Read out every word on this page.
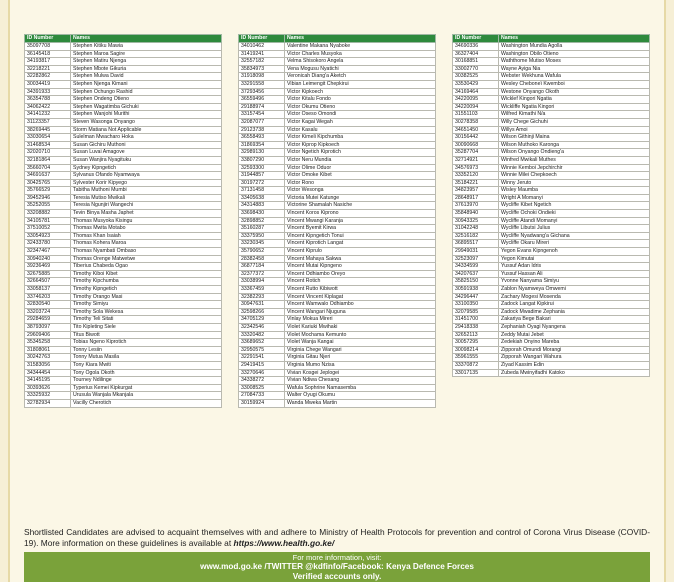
ID Number	Names
35097708	Stephen Kitiku Mawia
36145418	Stephen Maroa Sagire
34193817	Stephen Matiru Njenga
32218221	Stephen Mbote Gikuria
32282862	Stephen Mulwa David
30034419	Stephen Njenga Kimani
34391933	Stephen Ochungo Rashid
36354788	Stephen Ondeng Otieno
34062422	Stephen Wagatimba Gichuki
34141232	Stephen Wanjohi Murithi
31123357	Steven Wasonga Onyango
38269445	Storm Matiana Not Applicable
33030654	Sulelman Mwacharo Hoka
31468534	Susan Gichiru Muthoni
32020710	Susan Luvai Amagove
32181864	Susan Wanjira Nyagituku
35660704	Sydney Kipngetich
34691637	Sylvanus Ofando Nyamwaya
30425765	Sylvester Korir Kipyego
35766529	Tabitha Muthoni Mumbi
39452946	Teresia Mutiso Mwikali
35252055	Teresia Ngunjiri Wangechi
33208882	Tevin Binya Masha Japhet
34105781	Thomas Musyoka Kisingu
37510052	Thomas Mwita Motabo
33054923	Thomas Khan Isaiah
32433780	Thomas Kohera Maroa
32347467	Thomas Nyambati Ombaso
30940240	Thomas Orenge Matwetwe
39236469	Tiberius Chabeda Ogao
32675885	Timothy Kiboi Kibet
32664507	Timothy Kipchumba
33058137	Timothy Kipngetich
33746203	Timothy Orango Masi
32830540	Timothy Simiyu
33203724	Timothy Sola Wekesa
29284659	Timothy Teli Sitati
38793097	Tito Kipleting Siele
29609406	Titus Biwott
35345258	Tobias Ngeno Kiprotich
31808061	Tonny Lesiin
30242763	Tonny Mutua Masila
31583056	Tony Kiara Mwiti
34344454	Tony Ogola Okoth
34145195	Tourney Ndilinge
30393626	Typerius Kemei Kipkurgat
33325932	Urusula Wanjala Mkanjala
32782934	Vacilly Cherotich
ID Number	Names
34010462	Valentine Makana Nyaboke
31419241	Victor Charles Musyoka
32557182	Velma Shisokoro Angela
35834973	Vena Mogusu Nyatichi
31918098	Veronicah Diang'a Aketch
33291558	Vibian Leimengit Chepkirui
37293456	Victor Kipkoech
36559496	Victor Kitalu Fondo
29188974	Victor Okumu Otieno
33157454	Victor Oseso Omondi
32087077	Victor Kagai Wegah
29123738	Victor Kasalu
36558493	Victor Kimeli Kipchumba
31869354	Victor Kiprop Kipkoech
32989130	Victor Ngetich Kiprotich
33807290	Victor Neru Mundia
32593300	Victor Olime Oduor
31944857	Victor Omoke Kibet
30197272	Victor Rono
37131458	Victor Wesonga
33405638	Victoria Mutei Katunge
34314883	Victorine Shamalah Nasiche
33698430	Vincent Koros Kiprono
32898852	Vincent Mwangi Karanja
35160287	Vincent Byemit Kirwa
33375950	Vincent Kipngetich Tonui
33230345	Vincent Kiprotich Langat
35790652	Vincent Kiprulo
28382458	Vincent Mahaya Sakwa
36877184	Vincent Mutai Kipngeno
32377372	Vincent Odhiambo Oreyo
33038994	Vincent Rotich
33367459	Vincent Rutto Kibiwott
32382293	Vincent Vincent Kiplagat
30947631	Vincent Wamwalo Odhiambo
32598266	Vincent Wangari Njuguna
34705129	Vinlay Mokua Mireri
32342546	Violet Kariuki Mwihaki
33320482	Violet Mochama Kemunto
33689652	Violet Wanja Kangai
32950575	Virginia Chege Wangari
32291541	Virginia Gitau Njeri
29419415	Virginia Mumo Nzisa
33270646	Vivian Kosgei Jeplogei
34338272	Vivian Ndiwa Chesang
33008525	Wafula Sophrine Namasemba
27084733	Walter Oyugi Okumu
30159924	Wanda Mweka Martin
ID Number	Names
34690336	Washington Mundia Agolla
36327404	Washington Obilo Otieno
30168851	Waththome Mutiso Moses
33002770	Wayne Ayiga Nia
30382525	Webster Wekhuna Wafula
33530429	Wesley Cheboneï Kwemboi
34169464	Westone Onyango Okoth
34220095	Wicklef Kingori Ngatia
34220094	Wickliffe Ngatia Kingori
31551103	Wilfred Kimathi N/a
30278358	Willy Chege Gichuhi
34651450	Willys Amoi
30156442	Wilson Githinji Maina
30090668	Wilson Muthoko Karonga
35287704	Wilson Onyango Ondieng'a
32714921	Winfred Mwikali Muthes
34576973	Winnie Kemboi Jepchirchir
33352120	Winnie Milei Chepkoech
35184221	Winny Jeruto
34823957	Wisley Maumba
28648917	Wright A Momanyi
37613970	Wycliffe Kibet Ngetich
35848940	Wycliffe Ochoki Ondieki
30943325	Wycliffe Atandi Momanyi
31042248	Wycliffe Libutsi Julius
32516182	Wycliffe Nyadwang'a Gichana
36895517	Wycliffe Okaru Mireri
29949031	Yegon Evans Kipngenoh
32523097	Yegon Kimutai
34334599	Yussuf Adan Idris
34207637	Yussuf Hassan Ali
35825150	Yvonne Nanyama Simiyu
30591938	Zablon Nyamweya Omwemi
34296447	Zachary Mogesi Mosenda
33100350	Zadock Langat Kipkirui
32079585	Zadock Mwadime Zephania
31451700	Zakariya Bege Bakari
29418338	Zephaniah Oyagi Nyangena
32652113	Zeddy Mutai Jebet
30057295	Zedekiah Onyino Mareba
30098214	Zipporah Omundi Morangi
35961555	Zipporah Wangari Wahura
33370872	Ziyad Kassim Edin
33017135	Zubeda Mwinyifadhi Katoko
Shortlisted Candidates are advised to acquaint themselves with and adhere to Ministry of Health Protocols for prevention and control of Corona Virus Disease (COVID-19). More information on these guidelines is available at https://www.health.go.ke/
For more information, visit:
www.mod.go.ke /TWITTER @kdfinfo/Facebook: Kenya Defence Forces
Verified accounts only.
